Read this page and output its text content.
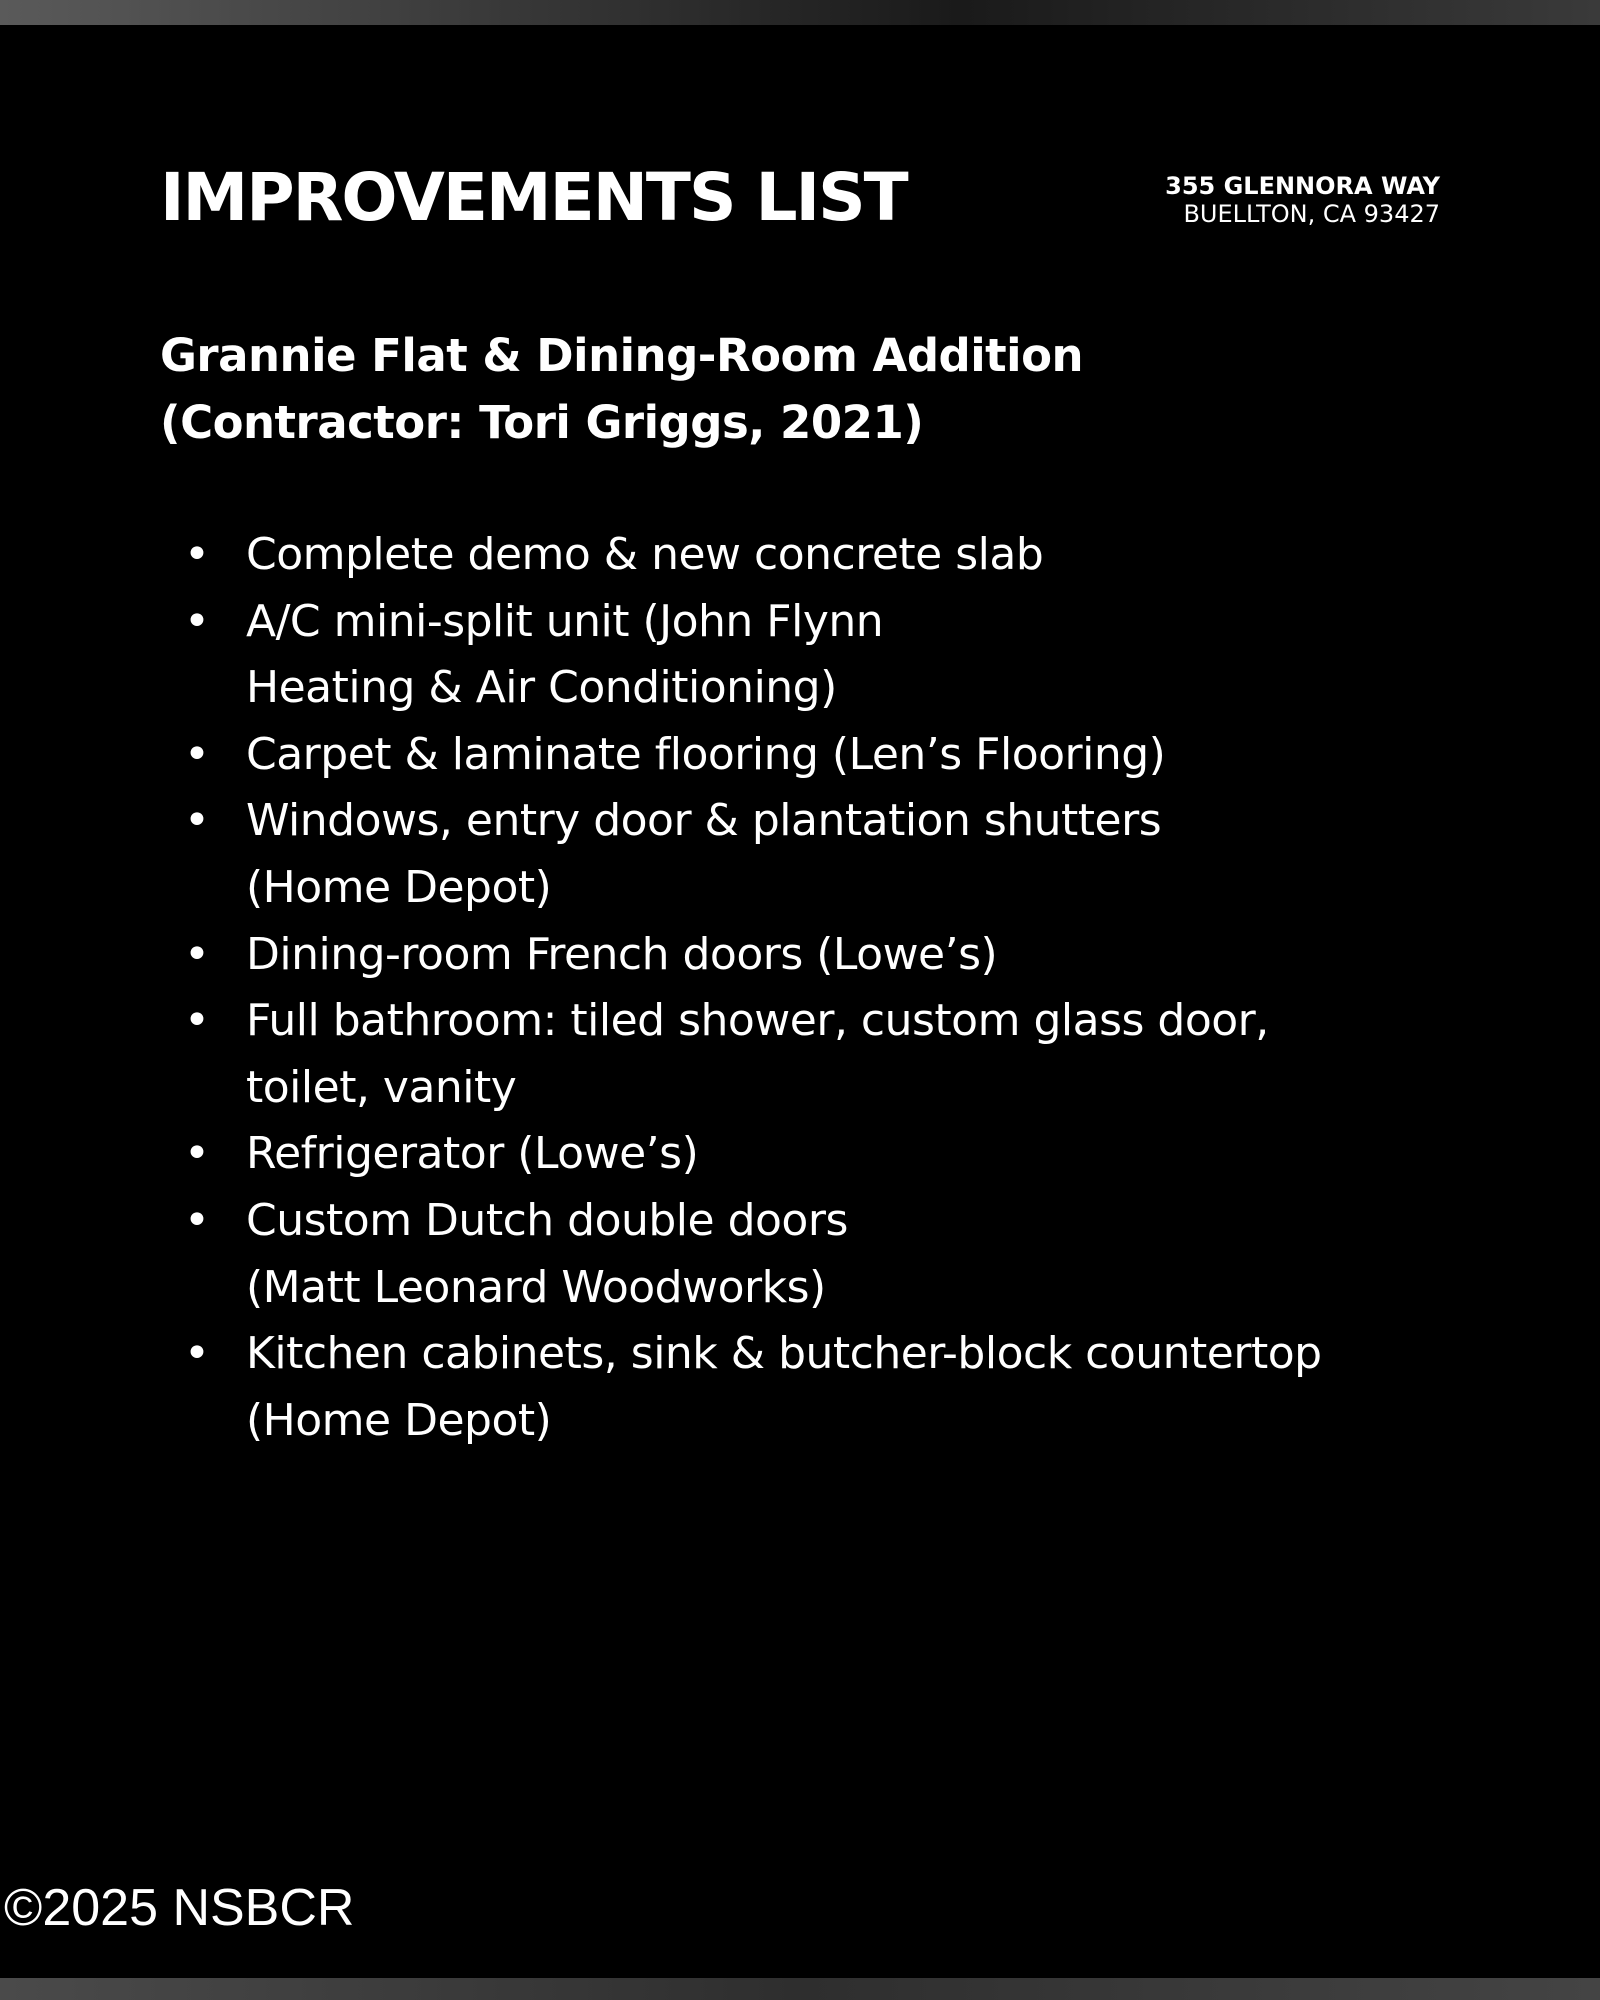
IMPROVEMENTS LIST	355 GLENNORA WAY
BUELLTON, CA 93427
Grannie Flat & Dining-Room Addition
(Contractor: Tori Griggs, 2021)
• Complete demo & new concrete slab
• A/C mini-split unit (John Flynn
Heating & Air Conditioning)
• Carpet & laminate flooring (Len’s Flooring)
• Windows, entry door & plantation shutters
(Home Depot)
• Dining-room French doors (Lowe’s)
• Full bathroom: tiled shower, custom glass door,
toilet, vanity
• Refrigerator (Lowe’s)
• Custom Dutch double doors
(Matt Leonard Woodworks)
• Kitchen cabinets, sink & butcher-block countertop
(Home Depot)
©2025 NSBCR
